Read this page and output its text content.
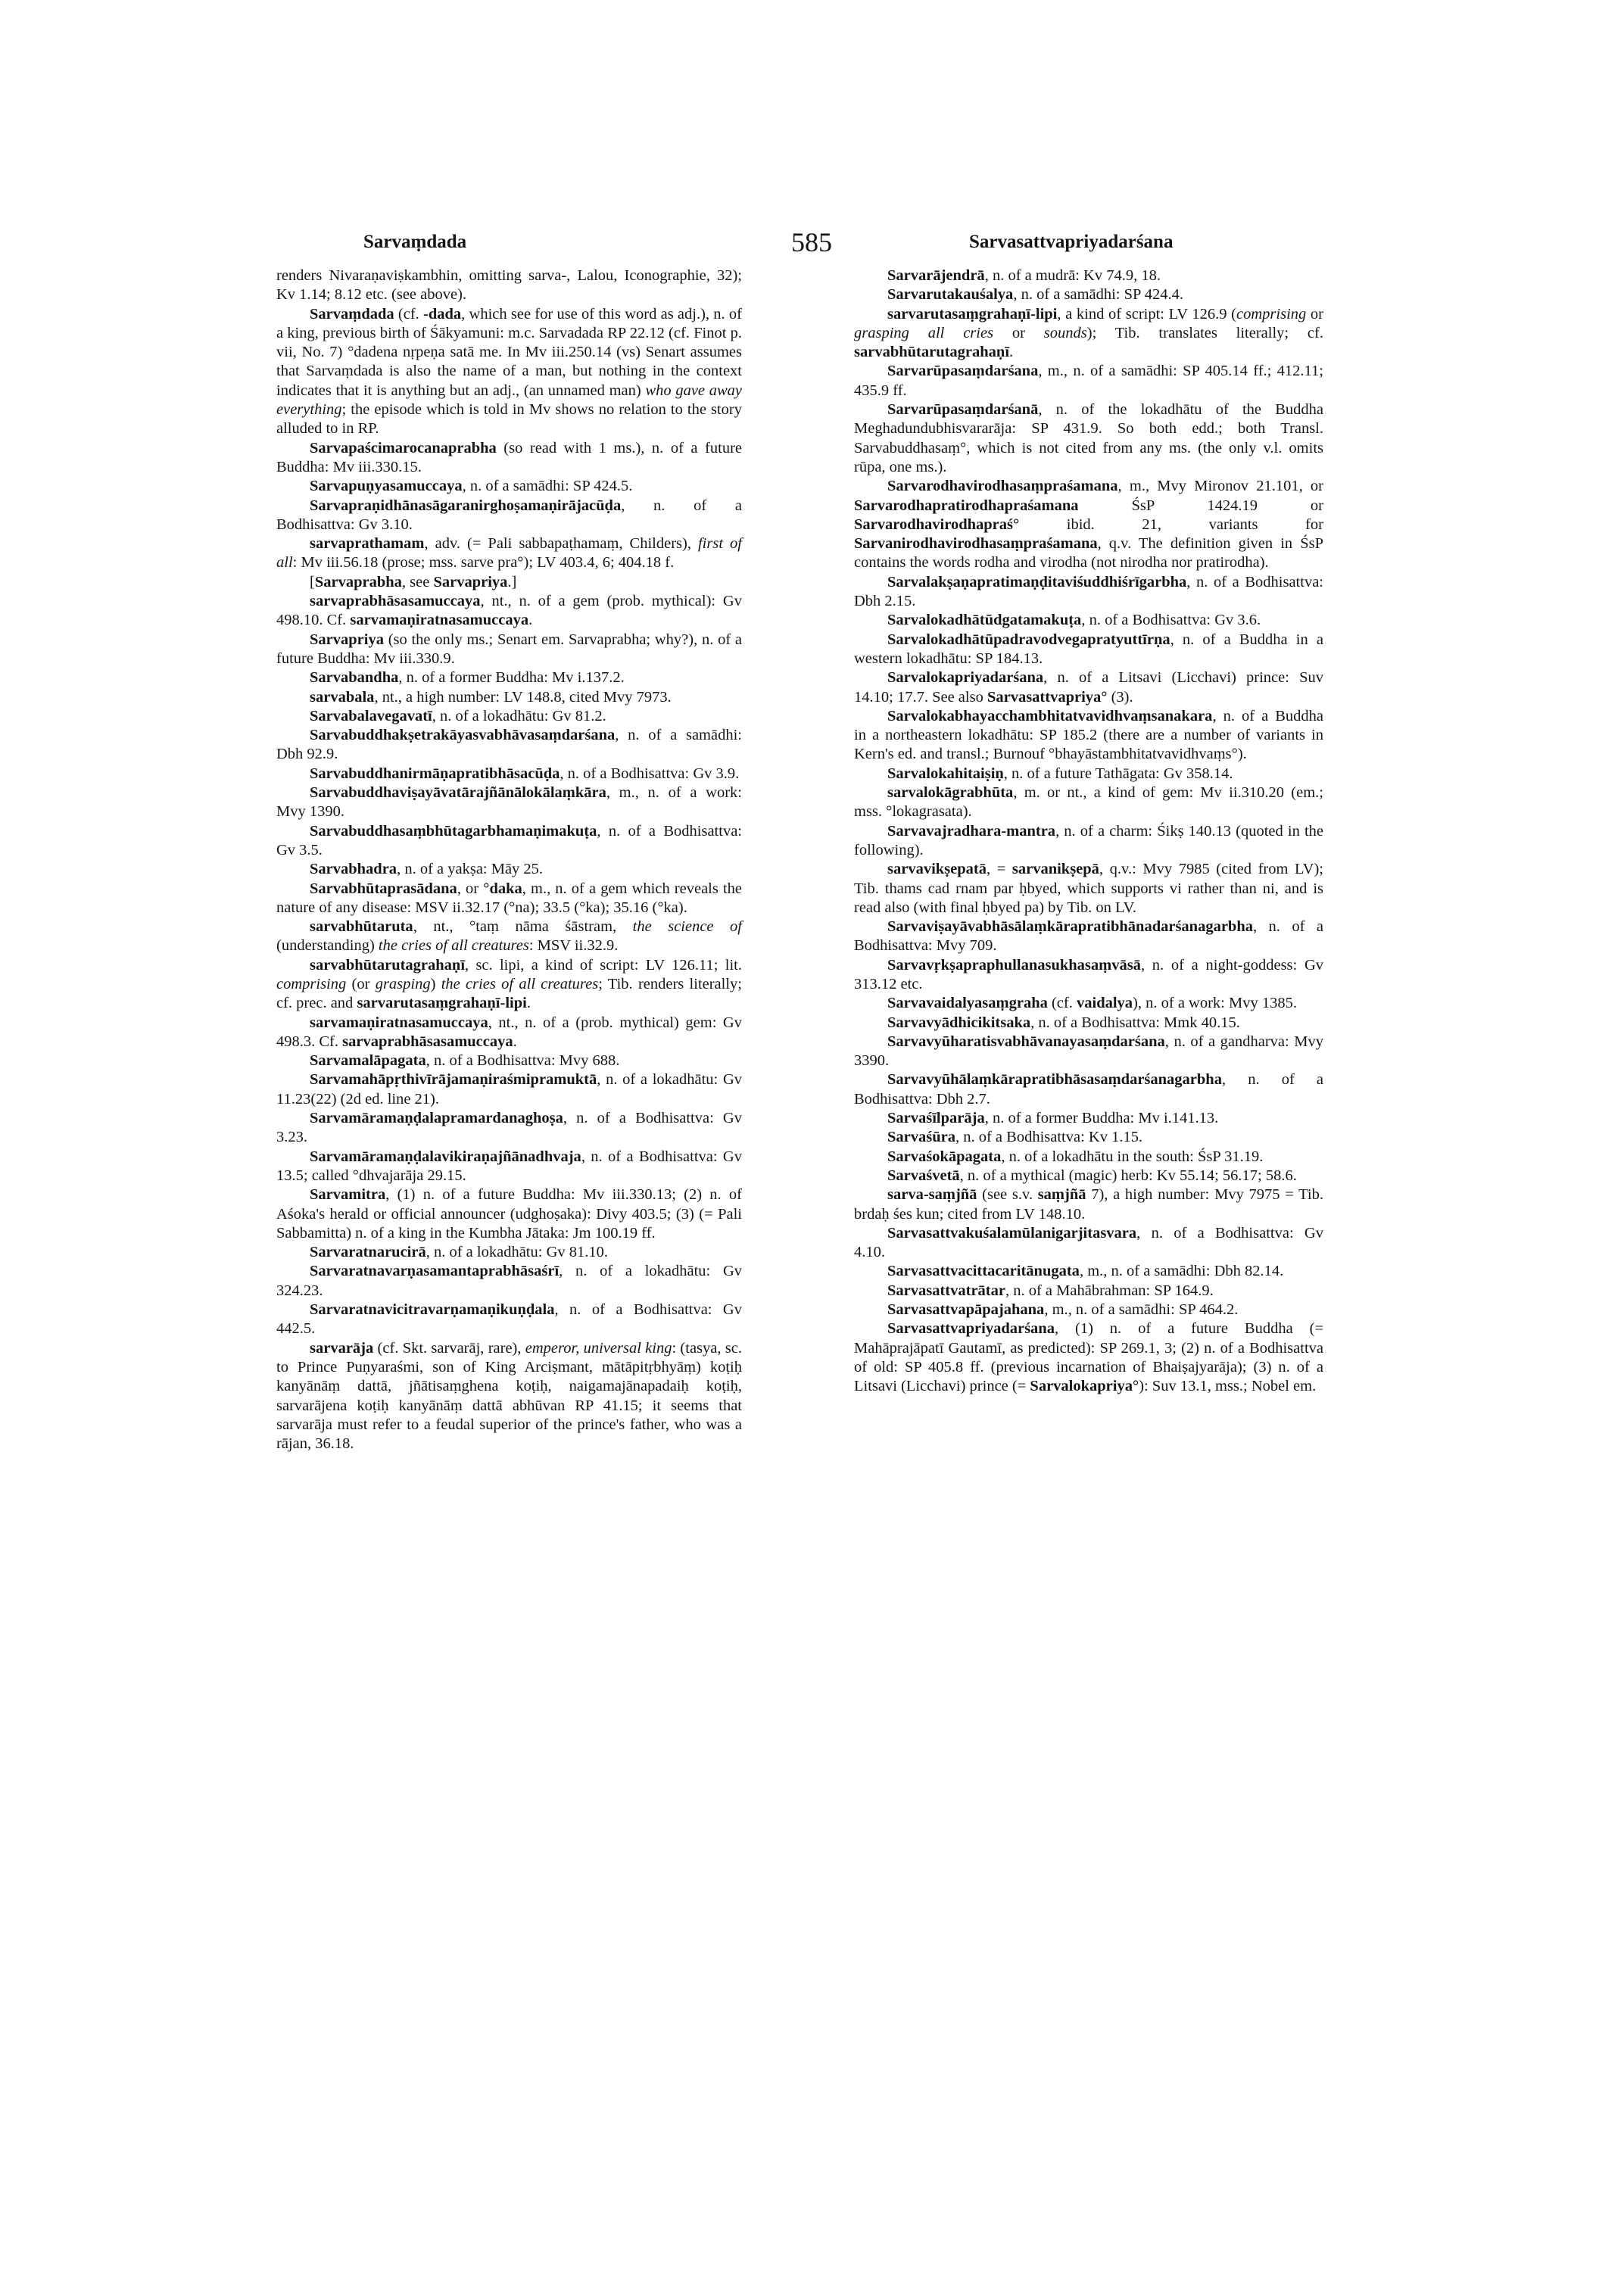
Sarvaṃdada	585	Sarvasattvapriyadarśana

renders Nivaraṇaviṣkambhin, omitting sarva-, Lalou, Iconographie, 32); Kv 1.14; 8.12 etc. (see above).

Sarvaṃdada (cf. -dada, which see for use of this word as adj.), n. of a king, previous birth of Śākyamuni: m.c. Sarvadada RP 22.12 (cf. Finot p. vii, No. 7) °dadena nṛpeṇa satā me. In Mv iii.250.14 (vs) Senart assumes that Sarvaṃdada is also the name of a man, but nothing in the context indicates that it is anything but an adj., (an unnamed man) who gave away everything; the episode which is told in Mv shows no relation to the story alluded to in RP.

Sarvapaścimarocanaprabha (so read with 1 ms.), n. of a future Buddha: Mv iii.330.15.

Sarvapuṇyasamuccaya, n. of a samādhi: SP 424.5.

Sarvapraṇidhānasāgaranirghoṣamaṇirājacūḍa, n. of a Bodhisattva: Gv 3.10.

sarvaprathamam, adv. (= Pali sabbapaṭhamaṃ, Childers), first of all: Mv iii.56.18 (prose; mss. sarve pra°); LV 403.4, 6; 404.18 f.

[Sarvaprabha, see Sarvapriya.]

sarvaprabhāsasamuccaya, nt., n. of a gem (prob. mythical): Gv 498.10. Cf. sarvamaṇiratnasamuccaya.

Sarvapriya (so the only ms.; Senart em. Sarvaprabha; why?), n. of a future Buddha: Mv iii.330.9.

Sarvabandha, n. of a former Buddha: Mv i.137.2.

sarvabala, nt., a high number: LV 148.8, cited Mvy 7973.

Sarvabalavegavatī, n. of a lokadhātu: Gv 81.2.

Sarvabuddhakṣetrakāyasvabhāvasaṃdarśana, n. of a samādhi: Dbh 92.9.

Sarvabuddhanirmāṇapratibhāsacūḍa, n. of a Bodhisattva: Gv 3.9.

Sarvabuddhaviṣayāvatārajñānālokālaṃkāra, m., n. of a work: Mvy 1390.

Sarvabuddhasaṃbhūtagarbhamaṇimakuṭa, n. of a Bodhisattva: Gv 3.5.

Sarvabhadra, n. of a yakṣa: Māy 25.

Sarvabhūtaprasādana, or °daka, m., n. of a gem which reveals the nature of any disease: MSV ii.32.17 (°na); 33.5 (°ka); 35.16 (°ka).

sarvabhūtaruta, nt., °taṃ nāma śāstram, the science of (understanding) the cries of all creatures: MSV ii.32.9.

sarvabhūtarutagrahaṇī, sc. lipi, a kind of script: LV 126.11; lit. comprising (or grasping) the cries of all creatures; Tib. renders literally; cf. prec. and sarvarutasaṃgrahaṇī-lipi.

sarvamaṇiratnasamuccaya, nt., n. of a (prob. mythical) gem: Gv 498.3. Cf. sarvaprabhāsasamuccaya.

Sarvamalāpagata, n. of a Bodhisattva: Mvy 688.

Sarvamahāpṛthivīrājamaṇiraśmipramuktā, n. of a lokadhātu: Gv 11.23(22) (2d ed. line 21).

Sarvamāramaṇḍalapramardanaghoṣa, n. of a Bodhisattva: Gv 3.23.

Sarvamāramaṇḍalavikiraṇajñānadhvaja, n. of a Bodhisattva: Gv 13.5; called °dhvajarāja 29.15.

Sarvamitra, (1) n. of a future Buddha: Mv iii.330.13; (2) n. of Aśoka's herald or official announcer (udghoṣaka): Divy 403.5; (3) (= Pali Sabbamitta) n. of a king in the Kumbha Jātaka: Jm 100.19 ff.

Sarvaratnarucirā, n. of a lokadhātu: Gv 81.10.

Sarvaratnavarṇasamantaprabhāsaśrī, n. of a lokadhātu: Gv 324.23.

Sarvaratnavicitravarṇamaṇikuṇḍala, n. of a Bodhisattva: Gv 442.5.

sarvarāja (cf. Skt. sarvarāj, rare), emperor, universal king: (tasya, sc. to Prince Puṇyaraśmi, son of King Arciṣmant, mātāpitṛbhyāṃ) koṭiḥ kanyānāṃ dattā, jñātisaṃghena koṭiḥ, naigamajānapadaiḥ koṭiḥ, sarvarājena koṭiḥ kanyānāṃ dattā abhūvan RP 41.15; it seems that sarvarāja must refer to a feudal superior of the prince's father, who was a rājan, 36.18.

Sarvarājendrā, n. of a mudrā: Kv 74.9, 18.

Sarvarutakauśalya, n. of a samādhi: SP 424.4.

sarvarutasaṃgrahaṇī-lipi, a kind of script: LV 126.9 (comprising or grasping all cries or sounds); Tib. translates literally; cf. sarvabhūtarutagrahaṇī.

Sarvarūpasaṃdarśana, m., n. of a samādhi: SP 405.14 ff.; 412.11; 435.9 ff.

Sarvarūpasaṃdarśanā, n. of the lokadhātu of the Buddha Meghadundubhisvararāja: SP 431.9. So both edd.; both Transl. Sarvabuddhasaṃ°, which is not cited from any ms. (the only v.l. omits rūpa, one ms.).

Sarvarodhavirodhasaṃpraśamana, m., Mvy Mironov 21.101, or Sarvarodhapratirodhapraśamana ŚsP 1424.19 or Sarvarodhavirodhapraś° ibid. 21, variants for Sarvanirodhavirodhasaṃpraśamana, q.v. The definition given in ŚsP contains the words rodha and virodha (not nirodha nor pratirodha).

Sarvalakṣaṇapratimaṇḍitaviśuddhiśrīgarbha, n. of a Bodhisattva: Dbh 2.15.

Sarvalokadhātūdgatamakuṭa, n. of a Bodhisattva: Gv 3.6.

Sarvalokadhātūpadravodvegapratyuttīrṇa, n. of a Buddha in a western lokadhātu: SP 184.13.

Sarvalokapriyadarśana, n. of a Litsavi (Licchavi) prince: Suv 14.10; 17.7. See also Sarvasattvapriya° (3).

Sarvalokabhayacchambhitatvavidhvaṃsanakara, n. of a Buddha in a northeastern lokadhātu: SP 185.2 (there are a number of variants in Kern's ed. and transl.; Burnouf °bhayāstambhitatvavidhvaṃs°).

Sarvalokahitaiṣiṇ, n. of a future Tathāgata: Gv 358.14.

sarvalokāgrabhūta, m. or nt., a kind of gem: Mv ii.310.20 (em.; mss. °lokagrasata).

Sarvavajradhara-mantra, n. of a charm: Śikṣ 140.13 (quoted in the following).

sarvavikṣepatā, = sarvanikṣepā, q.v.: Mvy 7985 (cited from LV); Tib. thams cad rnam par ḥbyed, which supports vi rather than ni, and is read also (with final ḥbyed pa) by Tib. on LV.

Sarvaviṣayāvabhāsālaṃkārapratibhānadarśanagarbha, n. of a Bodhisattva: Mvy 709.

Sarvavṛkṣapraphullanasukhasaṃvāsā, n. of a night-goddess: Gv 313.12 etc.

Sarvavaidalyasaṃgraha (cf. vaidalya), n. of a work: Mvy 1385.

Sarvavyādhicikitsaka, n. of a Bodhisattva: Mmk 40.15.

Sarvavyūharatisvabhāvanayasaṃdarśana, n. of a gandharva: Mvy 3390.

Sarvavyūhālaṃkārapratibhāsasaṃdarśanagarbha, n. of a Bodhisattva: Dbh 2.7.

Sarvaśīlparāja, n. of a former Buddha: Mv i.141.13.

Sarvaśūra, n. of a Bodhisattva: Kv 1.15.

Sarvaśokāpagata, n. of a lokadhātu in the south: ŚsP 31.19.

Sarvaśvetā, n. of a mythical (magic) herb: Kv 55.14; 56.17; 58.6.

sarva-saṃjñā (see s.v. saṃjñā 7), a high number: Mvy 7975 = Tib. brdaḥ śes kun; cited from LV 148.10.

Sarvasattvakuśalamūlanigarjitasvara, n. of a Bodhisattva: Gv 4.10.

Sarvasattvacittacaritānugata, m., n. of a samādhi: Dbh 82.14.

Sarvasattvatrātar, n. of a Mahābrahman: SP 164.9.

Sarvasattvapāpajahana, m., n. of a samādhi: SP 464.2.

Sarvasattvapriyadarśana, (1) n. of a future Buddha (= Mahāprajāpatī Gautamī, as predicted): SP 269.1, 3; (2) n. of a Bodhisattva of old: SP 405.8 ff. (previous incarnation of Bhaiṣajyarāja); (3) n. of a Litsavi (Licchavi) prince (= Sarvalokapriya°): Suv 13.1, mss.; Nobel em.
